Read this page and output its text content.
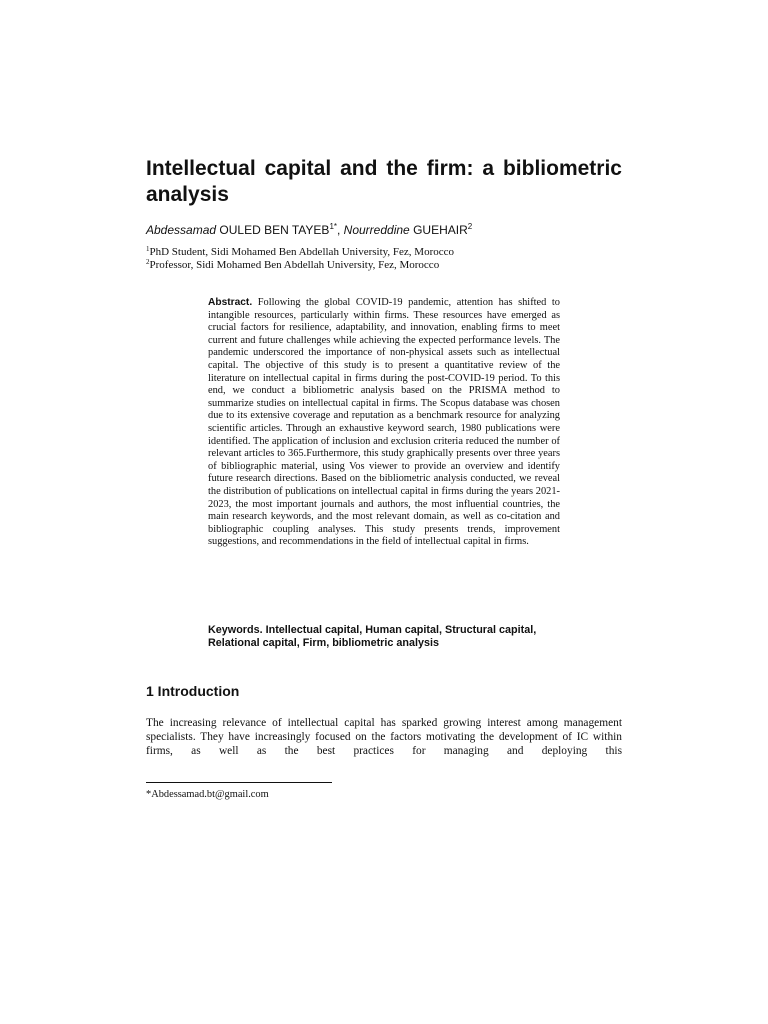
Intellectual capital and the firm: a bibliometric analysis
Abdessamad OULED BEN $TAYEB^{1*}$, Nourreddine GUEHAIR$^2$
$^1$PhD Student, Sidi Mohamed Ben Abdellah University, Fez, Morocco
$^2$Professor, Sidi Mohamed Ben Abdellah University, Fez, Morocco

Abstract. Following the global COVID-19 pandemic, attention has shifted to intangible resources, particularly within firms. These resources have emerged as crucial factors for resilience, adaptability, and innovation, enabling firms to meet current and future challenges while achieving the expected performance levels. The pandemic underscored the importance of non-physical assets such as intellectual capital. The objective of this study is to present a quantitative review of the literature on intellectual capital in firms during the post-COVID-19 period. To this end, we conduct a bibliometric analysis based on the PRISMA method to summarize studies on intellectual capital in firms. The Scopus database was chosen due to its extensive coverage and reputation as a benchmark resource for analyzing scientific articles. Through an exhaustive keyword search, 1980 publications were identified. The application of inclusion and exclusion criteria reduced the number of relevant articles to 365.Furthermore, this study graphically presents over three years of bibliographic material, using Vos viewer to provide an overview and identify future research directions. Based on the bibliometric analysis conducted, we reveal the distribution of publications on intellectual capital in firms during the years 2021-2023, the most important journals and authors, the most influential countries, the main research keywords, and the most relevant domain, as well as co-citation and bibliographic coupling analyses. This study presents trends, improvement suggestions, and recommendations in the field of intellectual capital in firms.

Keywords. Intellectual capital, Human capital, Structural capital, Relational capital, Firm, bibliometric analysis

1 Introduction

The increasing relevance of intellectual capital has sparked growing interest among management specialists. They have increasingly focused on the factors motivating the development of IC within firms, as well as the best practices for managing and deploying this

*Abdessamad.bt@gmail.com
